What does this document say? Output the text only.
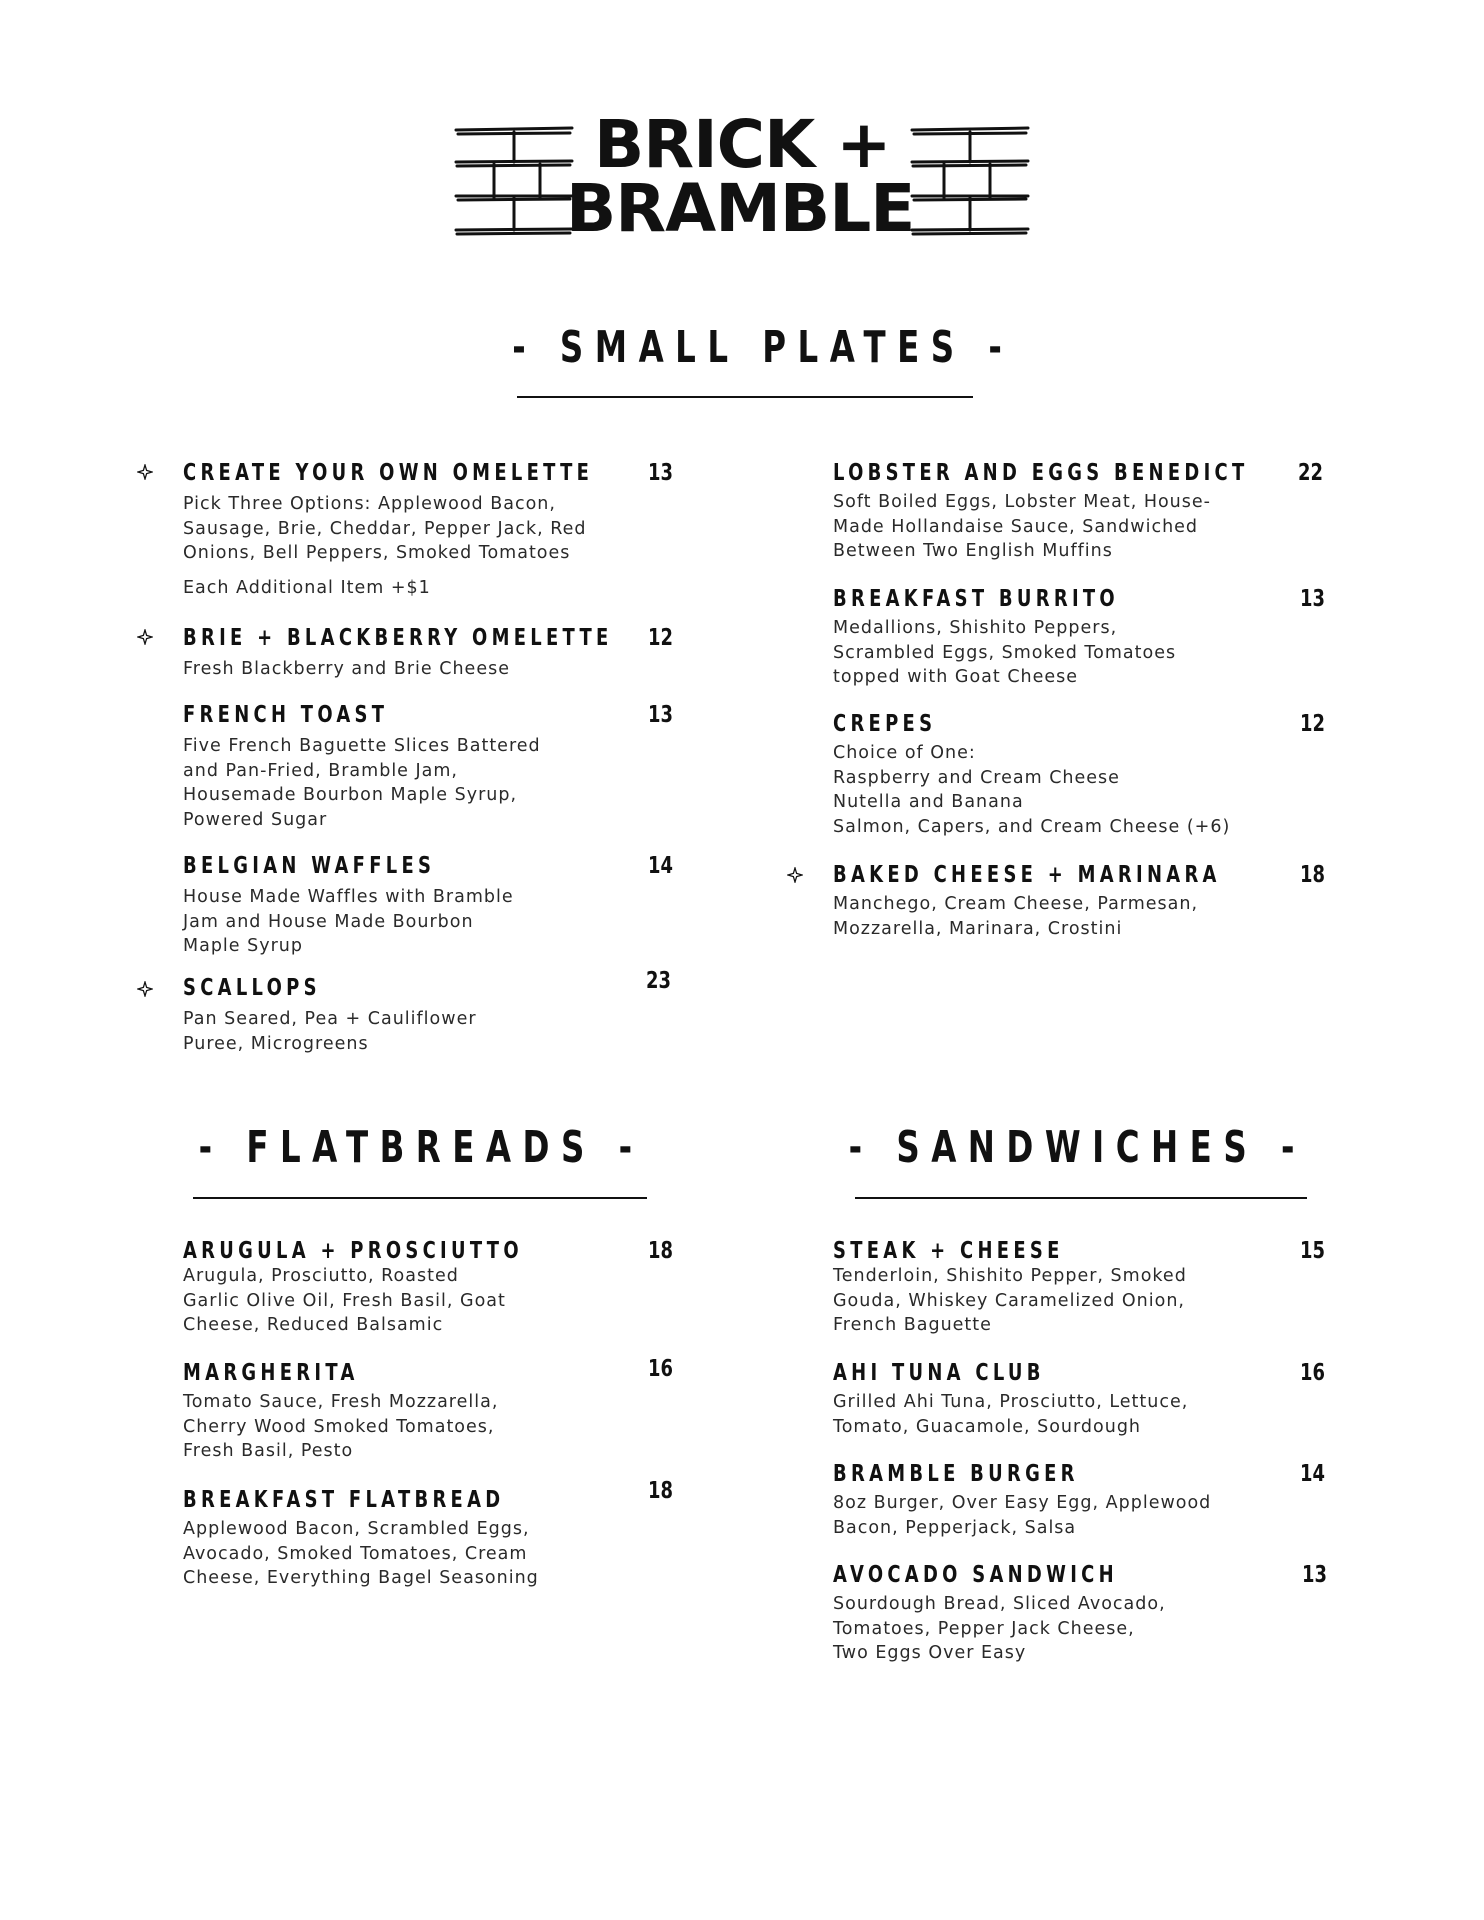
BRICK +
BRAMBLE
- SMALL PLATES -
- FLATBREADS -	- SANDWICHES -
CREATE YOUR OWN OMELETTE 13
Pick Three Options: Applewood Bacon,
Sausage, Brie, Cheddar, Pepper Jack, Red
Onions, Bell Peppers, Smoked Tomatoes
Each Additional Item +$1
BRIE + BLACKBERRY OMELETTE 12
Fresh Blackberry and Brie Cheese
FRENCH TOAST	13
Five French Baguette Slices Battered
and Pan-Fried, Bramble Jam,
Housemade Bourbon Maple Syrup,
Powered Sugar
BELGIAN WAFFLES	14
House Made Waffles with Bramble
Jam and House Made Bourbon
Maple Syrup
SCALLOPS	23
Pan Seared, Pea + Cauliflower
Puree, Microgreens
LOBSTER AND EGGS BENEDICT 22
Soft Boiled Eggs, Lobster Meat, House-
Made Hollandaise Sauce, Sandwiched
Between Two English Muffins
BREAKFAST BURRITO	13
Medallions, Shishito Peppers,
Scrambled Eggs, Smoked Tomatoes
topped with Goat Cheese
CREPES	12
Choice of One:
Raspberry and Cream Cheese
Nutella and Banana
Salmon, Capers, and Cream Cheese (+6)
BAKED CHEESE + MARINARA	18
Manchego, Cream Cheese, Parmesan,
Mozzarella, Marinara, Crostini
ARUGULA + PROSCIUTTO	18
Arugula, Prosciutto, Roasted
Garlic Olive Oil, Fresh Basil, Goat
Cheese, Reduced Balsamic
MARGHERITA	16
Tomato Sauce, Fresh Mozzarella,
Cherry Wood Smoked Tomatoes,
Fresh Basil, Pesto
BREAKFAST FLATBREAD	18
Applewood Bacon, Scrambled Eggs,
Avocado, Smoked Tomatoes, Cream
Cheese, Everything Bagel Seasoning
STEAK + CHEESE	15
Tenderloin, Shishito Pepper, Smoked
Gouda, Whiskey Caramelized Onion,
French Baguette
AHI TUNA CLUB	16
Grilled Ahi Tuna, Prosciutto, Lettuce,
Tomato, Guacamole, Sourdough
BRAMBLE BURGER	14
8oz Burger, Over Easy Egg, Applewood
Bacon, Pepperjack, Salsa
AVOCADO SANDWICH	13
Sourdough Bread, Sliced Avocado,
Tomatoes, Pepper Jack Cheese,
Two Eggs Over Easy
